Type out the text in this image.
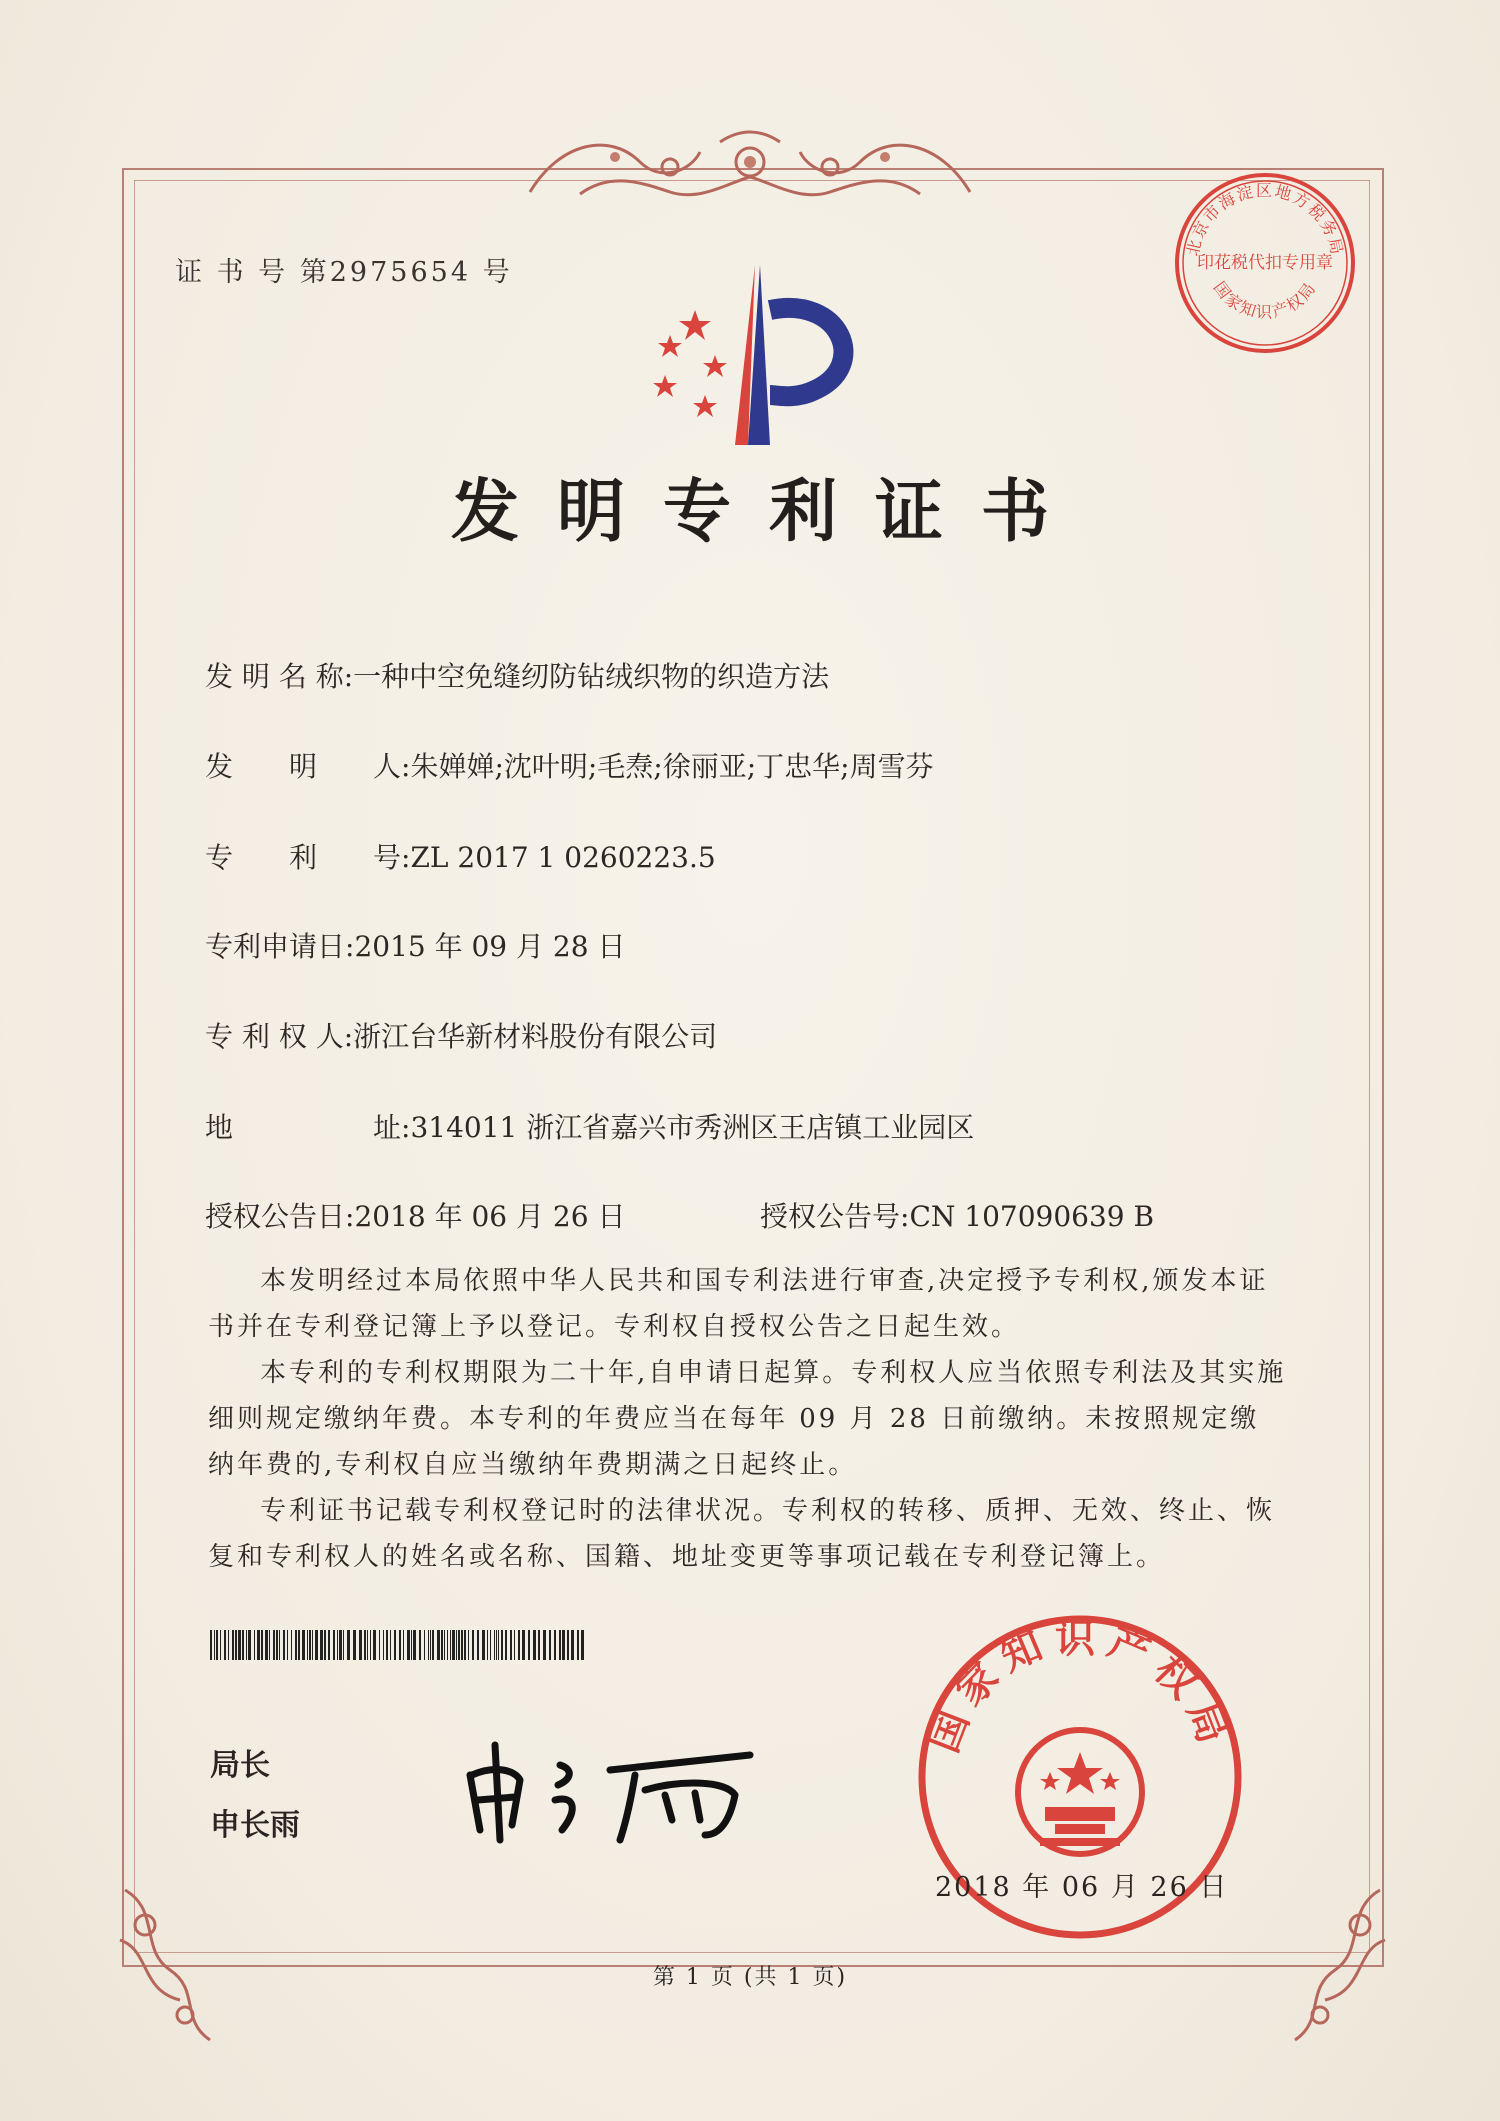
证 书 号 第2975654 号
北京市海淀区地方税务局
印花税代扣专用章
国家知识产权局
发明专利证书
发 明 名 称:一种中空免缝纫防钻绒织物的织造方法
发　　明　　人:朱婵婵;沈叶明;毛焘;徐丽亚;丁忠华;周雪芬
专　　利　　号:ZL 2017 1 0260223.5
专利申请日:2015 年 09 月 28 日
专 利 权 人:浙江台华新材料股份有限公司
地　　　　　址:314011 浙江省嘉兴市秀洲区王店镇工业园区
授权公告日:2018 年 06 月 26 日	授权公告号:CN 107090639 B

本发明经过本局依照中华人民共和国专利法进行审查,决定授予专利权,颁发本证书并在专利登记簿上予以登记。专利权自授权公告之日起生效。

本专利的专利权期限为二十年,自申请日起算。专利权人应当依照专利法及其实施细则规定缴纳年费。本专利的年费应当在每年 09 月 28 日前缴纳。未按照规定缴纳年费的,专利权自应当缴纳年费期满之日起终止。

专利证书记载专利权登记时的法律状况。专利权的转移、质押、无效、终止、恢复和专利权人的姓名或名称、国籍、地址变更等事项记载在专利登记簿上。

局长
申长雨
国家知识产权局
2018 年 06 月 26 日
第 1 页 (共 1 页)
